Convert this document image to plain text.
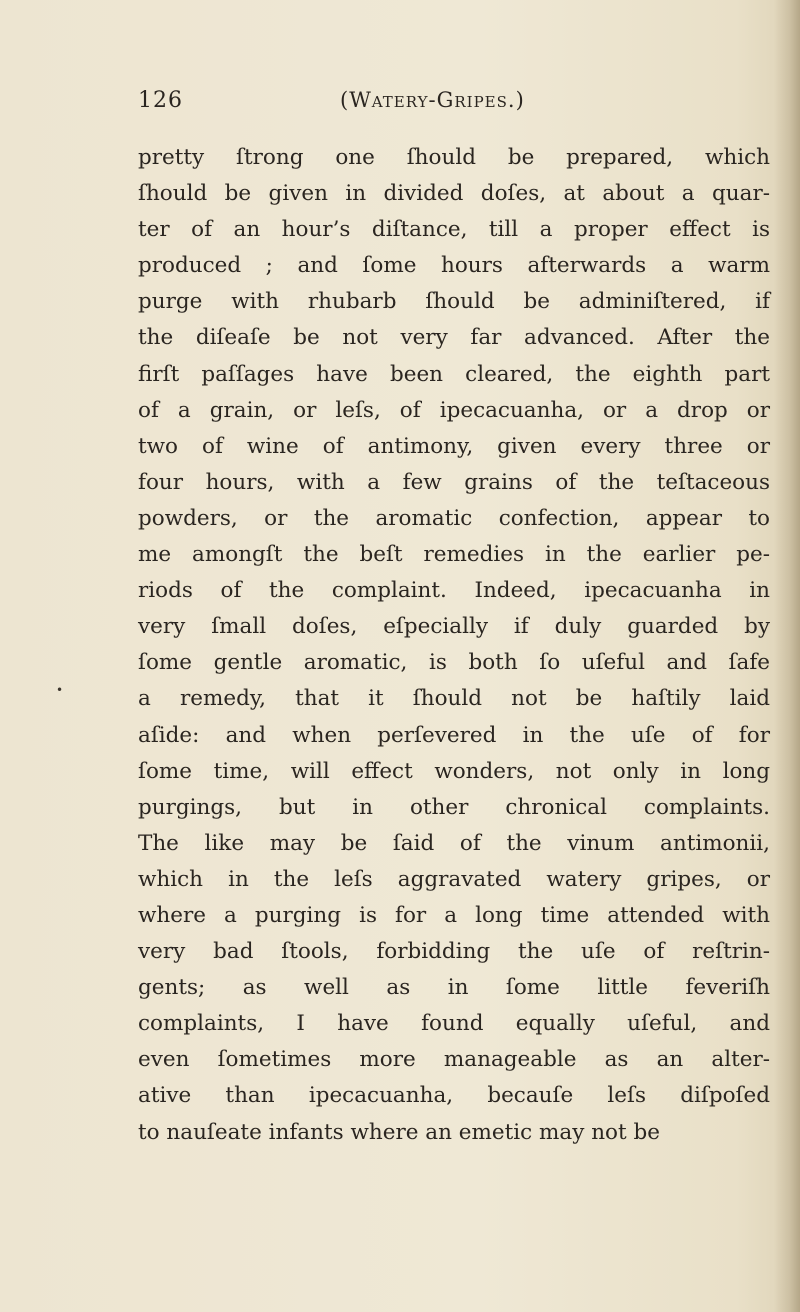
126	(Watery-Gripes.)
•
pretty ſtrong one ſhould be prepared, which
ſhould be given in divided doſes, at about a quar-
ter of an hour’s diſtance, till a proper effect is
produced ; and ſome hours afterwards a warm
purge with rhubarb ſhould be adminiſtered, if
the diſeaſe be not very far advanced. After the
firſt paſſages have been cleared, the eighth part
of a grain, or leſs, of ipecacuanha, or a drop or
two of wine of antimony, given every three or
four hours, with a few grains of the teſtaceous
powders, or the aromatic confection, appear to
me amongſt the beſt remedies in the earlier pe-
riods of the complaint. Indeed, ipecacuanha in
very ſmall doſes, eſpecially if duly guarded by
ſome gentle aromatic, is both ſo uſeful and ſafe
a remedy, that it ſhould not be haſtily laid
aſide: and when perſevered in the uſe of for
ſome time, will effect wonders, not only in long
purgings, but in other chronical complaints.
The like may be ſaid of the vinum antimonii,
which in the leſs aggravated watery gripes, or
where a purging is for a long time attended with
very bad ſtools, forbidding the uſe of reſtrin-
gents; as well as in ſome little feveriſh
complaints, I have found equally uſeful, and
even ſometimes more manageable as an alter-
ative than ipecacuanha, becauſe leſs diſpoſed
to nauſeate infants where an emetic may not be
